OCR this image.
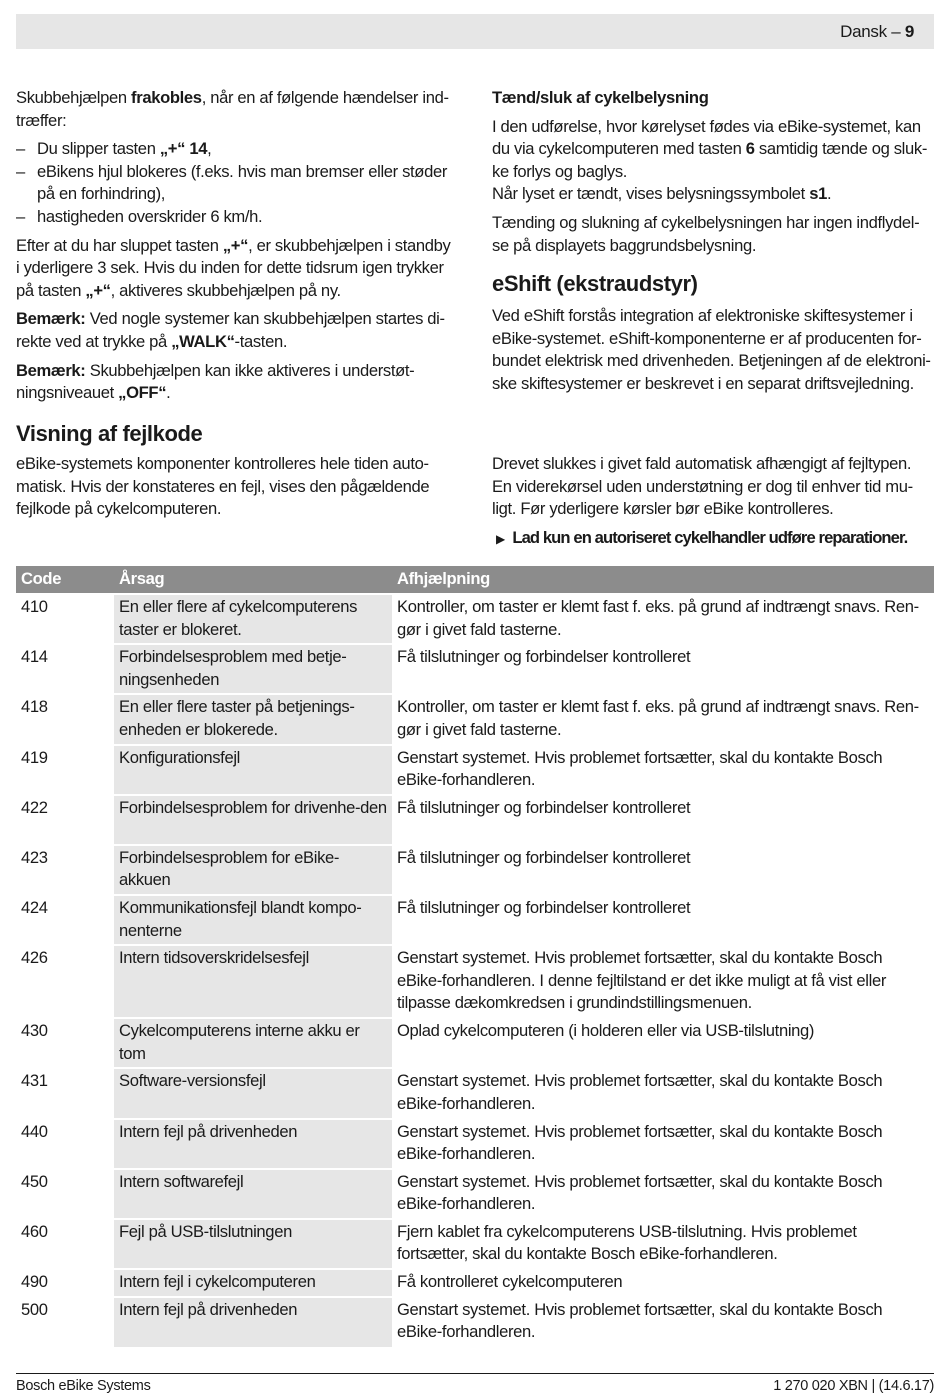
Dansk – 9

Skubbehjælpen frakobles, når en af følgende hændelser ind-træffer:

– Du slipper tasten „+“ 14,
– eBikens hjul blokeres (f.eks. hvis man bremser eller støder på en forhindring),
– hastigheden overskrider 6 km/h.

Efter at du har sluppet tasten „+“, er skubbehjælpen i standby i yderligere 3 sek. Hvis du inden for dette tidsrum igen trykker på tasten „+“, aktiveres skubbehjælpen på ny.

Bemærk: Ved nogle systemer kan skubbehjælpen startes di-rekte ved at trykke på „WALK“-tasten.

Bemærk: Skubbehjælpen kan ikke aktiveres i understøt-ningsniveauet „OFF“.

Tænd/sluk af cykelbelysning

I den udførelse, hvor kørelyset fødes via eBike-systemet, kan du via cykelcomputeren med tasten 6 samtidig tænde og sluk-ke forlys og baglys.

Når lyset er tændt, vises belysningssymbolet s1.

Tænding og slukning af cykelbelysningen har ingen indflydel-se på displayets baggrundsbelysning.

eShift (ekstraudstyr)

Ved eShift forstås integration af elektroniske skiftesystemer i eBike-systemet. eShift-komponenterne er af producenten for-bundet elektrisk med drivenheden. Betjeningen af de elektroni-ske skiftesystemer er beskrevet i en separat driftsvejledning.

Visning af fejlkode

eBike-systemets komponenter kontrolleres hele tiden auto-matisk. Hvis der konstateres en fejl, vises den pågældende fejlkode på cykelcomputeren.

Drevet slukkes i givet fald automatisk afhængigt af fejltypen. En viderekørsel uden understøtning er dog til enhver tid mu-ligt. Før yderligere kørsler bør eBike kontrolleres.

▶ Lad kun en autoriseret cykelhandler udføre reparationer.

Code	Årsag	Afhjælpning
410	En eller flere af cykelcomputerens taster er blokeret.	Kontroller, om taster er klemt fast f. eks. på grund af indtrængt snavs. Ren-gør i givet fald tasterne.
414	Forbindelsesproblem med betje-ningsenheden	Få tilslutninger og forbindelser kontrolleret
418	En eller flere taster på betjenings-enheden er blokerede.	Kontroller, om taster er klemt fast f. eks. på grund af indtrængt snavs. Ren-gør i givet fald tasterne.
419	Konfigurationsfejl	Genstart systemet. Hvis problemet fortsætter, skal du kontakte Bosch eBike-forhandleren.
422	Forbindelsesproblem for drivenhe-den	Få tilslutninger og forbindelser kontrolleret
423	Forbindelsesproblem for eBike-akkuen	Få tilslutninger og forbindelser kontrolleret
424	Kommunikationsfejl blandt kompo-nenterne	Få tilslutninger og forbindelser kontrolleret
426	Intern tidsoverskridelsesfejl	Genstart systemet. Hvis problemet fortsætter, skal du kontakte Bosch eBike-forhandleren. I denne fejltilstand er det ikke muligt at få vist eller tilpasse dækomkredsen i grundindstillingsmenuen.
430	Cykelcomputerens interne akku er tom	Oplad cykelcomputeren (i holderen eller via USB-tilslutning)
431	Software-versionsfejl	Genstart systemet. Hvis problemet fortsætter, skal du kontakte Bosch eBike-forhandleren.
440	Intern fejl på drivenheden	Genstart systemet. Hvis problemet fortsætter, skal du kontakte Bosch eBike-forhandleren.
450	Intern softwarefejl	Genstart systemet. Hvis problemet fortsætter, skal du kontakte Bosch eBike-forhandleren.
460	Fejl på USB-tilslutningen	Fjern kablet fra cykelcomputerens USB-tilslutning. Hvis problemet fortsætter, skal du kontakte Bosch eBike-forhandleren.
490	Intern fejl i cykelcomputeren	Få kontrolleret cykelcomputeren
500	Intern fejl på drivenheden	Genstart systemet. Hvis problemet fortsætter, skal du kontakte Bosch eBike-forhandleren.
Bosch eBike Systems	1 270 020 XBN | (14.6.17)
